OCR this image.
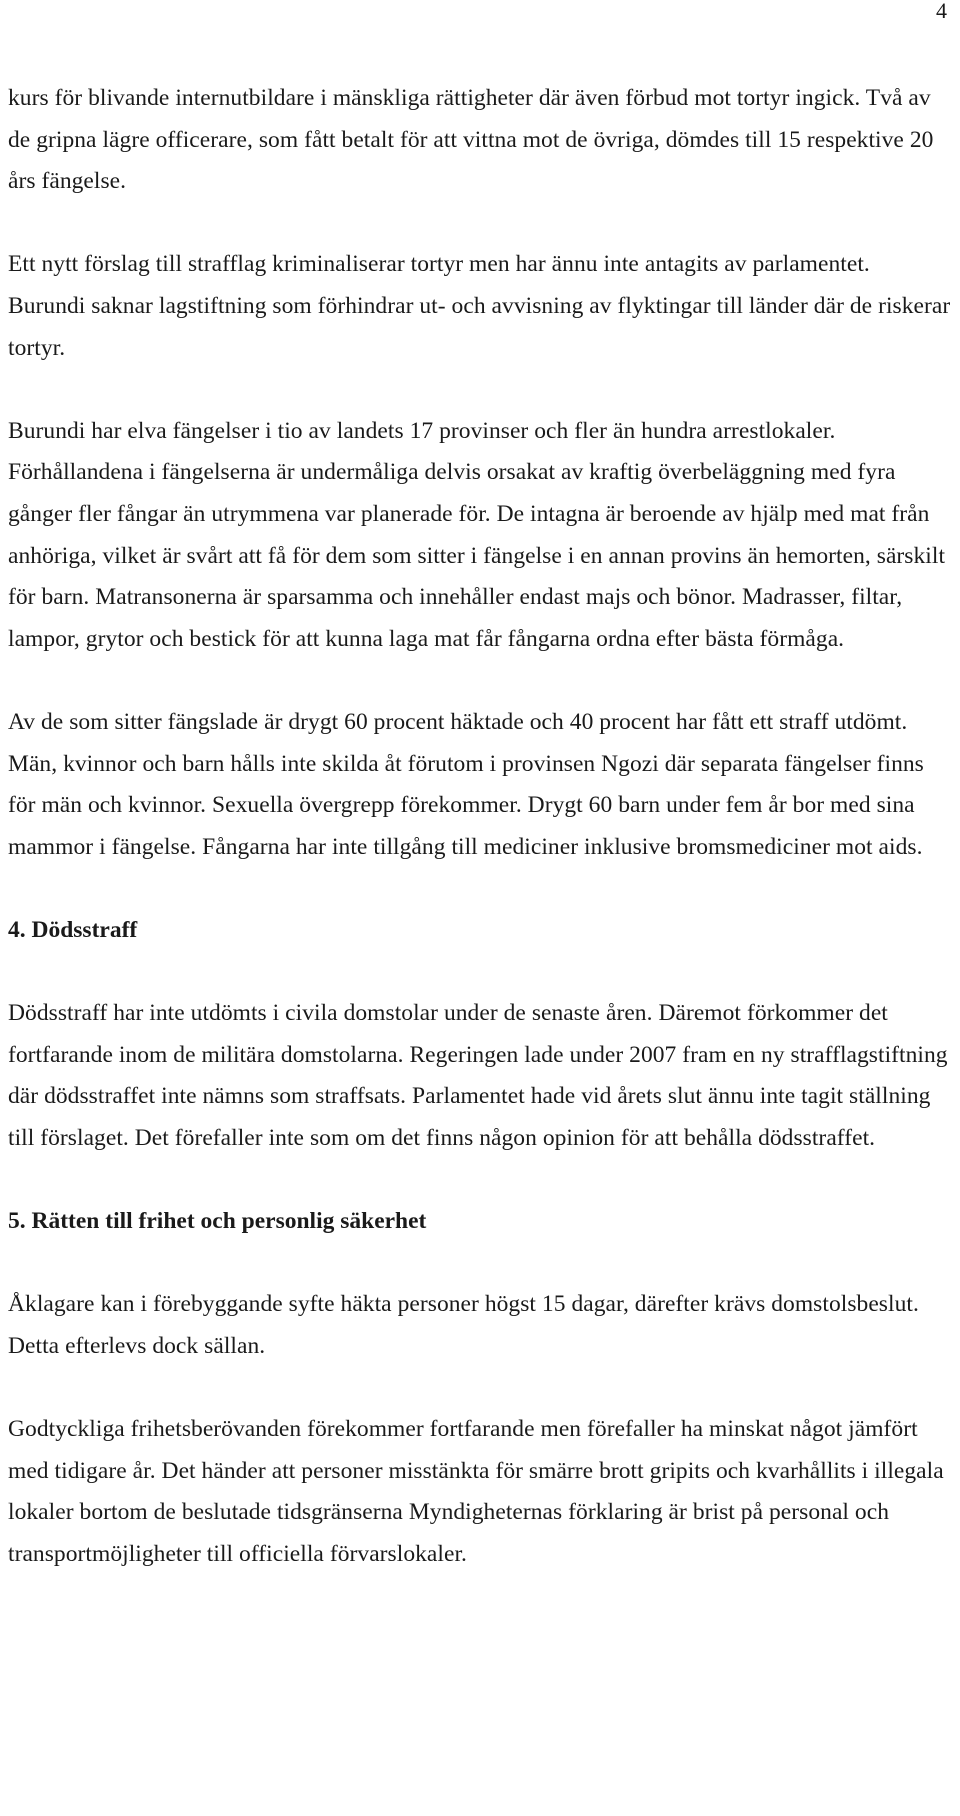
4

kurs för blivande internutbildare i mänskliga rättigheter där även förbud mot tortyr ingick. Två av de gripna lägre officerare, som fått betalt för att vittna mot de övriga, dömdes till 15 respektive 20 års fängelse.

Ett nytt förslag till strafflag kriminaliserar tortyr men har ännu inte antagits av parlamentet. Burundi saknar lagstiftning som förhindrar ut- och avvisning av flyktingar till länder där de riskerar tortyr.

Burundi har elva fängelser i tio av landets 17 provinser och fler än hundra arrestlokaler. Förhållandena i fängelserna är undermåliga delvis orsakat av kraftig överbeläggning med fyra gånger fler fångar än utrymmena var planerade för. De intagna är beroende av hjälp med mat från anhöriga, vilket är svårt att få för dem som sitter i fängelse i en annan provins än hemorten, särskilt för barn. Matransonerna är sparsamma och innehåller endast majs och bönor. Madrasser, filtar, lampor, grytor och bestick för att kunna laga mat får fångarna ordna efter bästa förmåga.

Av de som sitter fängslade är drygt 60 procent häktade och 40 procent har fått ett straff utdömt. Män, kvinnor och barn hålls inte skilda åt förutom i provinsen Ngozi där separata fängelser finns för män och kvinnor. Sexuella övergrepp förekommer. Drygt 60 barn under fem år bor med sina mammor i fängelse. Fångarna har inte tillgång till mediciner inklusive bromsmediciner mot aids.

4. Dödsstraff

Dödsstraff har inte utdömts i civila domstolar under de senaste åren. Däremot förkommer det fortfarande inom de militära domstolarna. Regeringen lade under 2007 fram en ny strafflagstiftning där dödsstraffet inte nämns som straffsats. Parlamentet hade vid årets slut ännu inte tagit ställning till förslaget. Det förefaller inte som om det finns någon opinion för att behålla dödsstraffet.

5. Rätten till frihet och personlig säkerhet

Åklagare kan i förebyggande syfte häkta personer högst 15 dagar, därefter krävs domstolsbeslut. Detta efterlevs dock sällan.

Godtyckliga frihetsberövanden förekommer fortfarande men förefaller ha minskat något jämfört med tidigare år. Det händer att personer misstänkta för smärre brott gripits och kvarhållits i illegala lokaler bortom de beslutade tidsgränserna Myndigheternas förklaring är brist på personal och transportmöjligheter till officiella förvarslokaler.
